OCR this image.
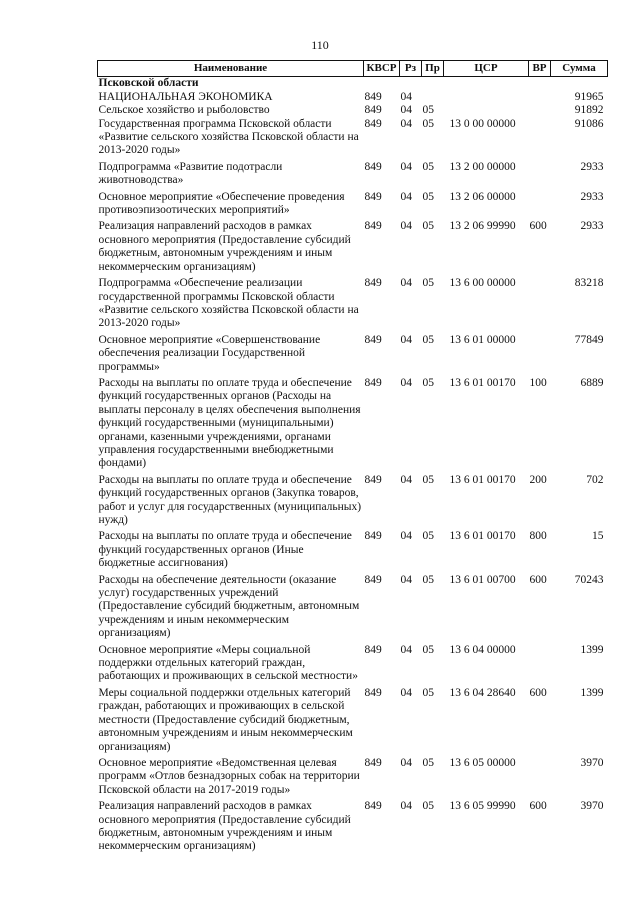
110
Наименование	КВСР	Рз	Пр	ЦСР	ВР	Сумма
Псковской области						
НАЦИОНАЛЬНАЯ ЭКОНОМИКА	849	04				91965
Сельское хозяйство и рыболовство	849	04	05			91892
Государственная программа Псковской области «Развитие сельского хозяйства Псковской области на 2013-2020 годы»	849	04	05	13 0 00 00000		91086
Подпрограмма «Развитие подотрасли животноводства»	849	04	05	13 2 00 00000		2933
Основное мероприятие «Обеспечение проведения противоэпизоотических мероприятий»	849	04	05	13 2 06 00000		2933
Реализация направлений расходов в рамках основного мероприятия (Предоставление субсидий бюджетным, автономным учреждениям и иным некоммерческим организациям)	849	04	05	13 2 06 99990	600	2933
Подпрограмма «Обеспечение реализации государственной программы Псковской области «Развитие сельского хозяйства Псковской области на 2013-2020 годы»	849	04	05	13 6 00 00000		83218
Основное мероприятие «Совершенствование обеспечения реализации Государственной программы»	849	04	05	13 6 01 00000		77849
Расходы на выплаты по оплате труда и обеспечение функций государственных органов (Расходы на выплаты персоналу в целях обеспечения выполнения функций государственными (муниципальными) органами, казенными учреждениями, органами управления государственными внебюджетными фондами)	849	04	05	13 6 01 00170	100	6889
Расходы на выплаты по оплате труда и обеспечение функций государственных органов (Закупка товаров, работ и услуг для государственных (муниципальных) нужд)	849	04	05	13 6 01 00170	200	702
Расходы на выплаты по оплате труда и обеспечение функций государственных органов (Иные бюджетные ассигнования)	849	04	05	13 6 01 00170	800	15
Расходы на обеспечение деятельности (оказание услуг) государственных учреждений (Предоставление субсидий бюджетным, автономным учреждениям и иным некоммерческим организациям)	849	04	05	13 6 01 00700	600	70243
Основное мероприятие «Меры социальной поддержки отдельных категорий граждан, работающих и проживающих в сельской местности»	849	04	05	13 6 04 00000		1399
Меры социальной поддержки отдельных категорий граждан, работающих и проживающих в сельской местности (Предоставление субсидий бюджетным, автономным учреждениям и иным некоммерческим организациям)	849	04	05	13 6 04 28640	600	1399
Основное мероприятие «Ведомственная целевая программ «Отлов безнадзорных собак на территории Псковской области на 2017-2019 годы»	849	04	05	13 6 05 00000		3970
Реализация направлений расходов в рамках основного мероприятия (Предоставление субсидий бюджетным, автономным учреждениям и иным некоммерческим организациям)	849	04	05	13 6 05 99990	600	3970
